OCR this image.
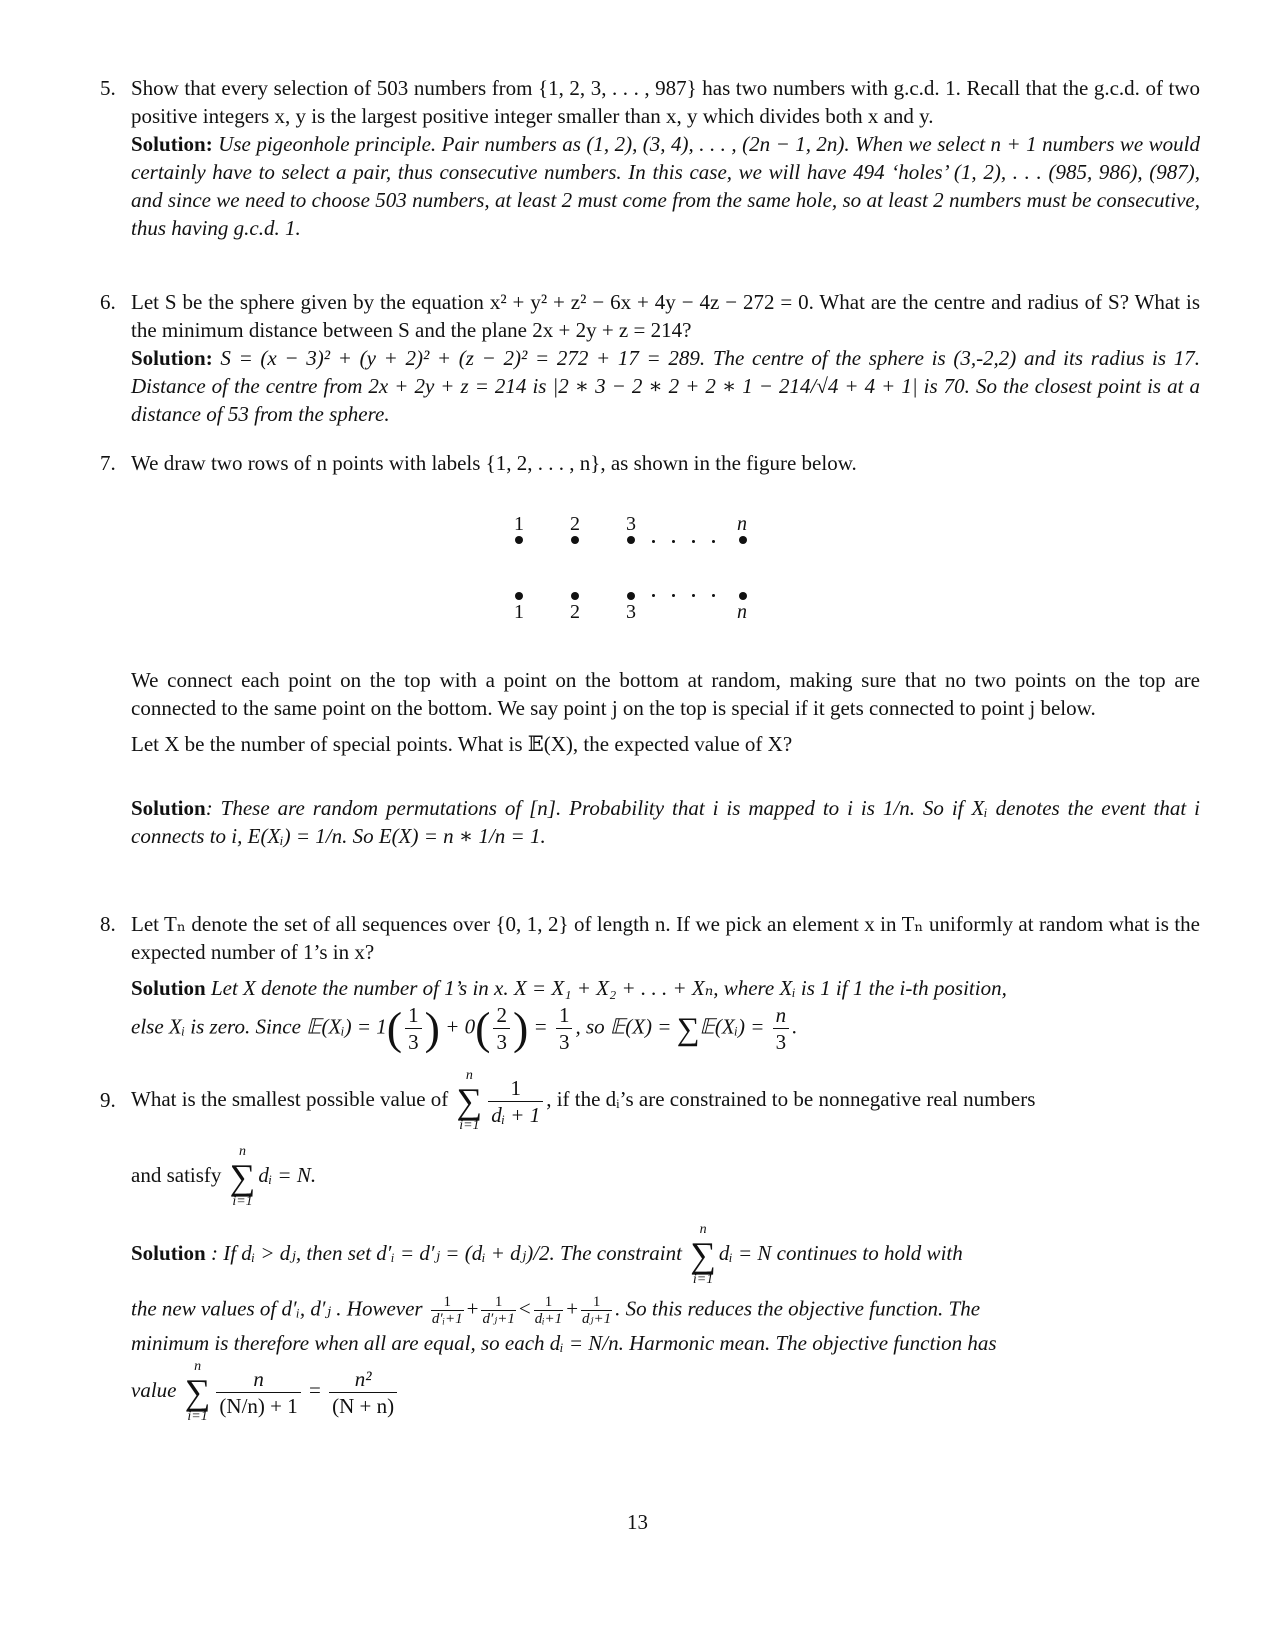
5. Show that every selection of 503 numbers from {1, 2, 3, . . . , 987} has two numbers with g.c.d. 1. Recall that the g.c.d. of two positive integers x, y is the largest positive integer smaller than x, y which divides both x and y.

Solution: Use pigeonhole principle. Pair numbers as (1, 2), (3, 4), . . . , (2n − 1, 2n). When we select n + 1 numbers we would certainly have to select a pair, thus consecutive numbers. In this case, we will have 494 ‘holes’ (1, 2), . . . (985, 986), (987), and since we need to choose 503 numbers, at least 2 must come from the same hole, so at least 2 numbers must be consecutive, thus having g.c.d. 1.

6. Let S be the sphere given by the equation x² + y² + z² − 6x + 4y − 4z − 272 = 0. What are the centre and radius of S? What is the minimum distance between S and the plane 2x + 2y + z = 214?

Solution: S = (x − 3)² + (y + 2)² + (z − 2)² = 272 + 17 = 289. The centre of the sphere is (3,-2,2) and its radius is 17. Distance of the centre from 2x + 2y + z = 214 is |2 ∗ 3 − 2 ∗ 2 + 2 ∗ 1 − 214/√4 + 4 + 1| is 70. So the closest point is at a distance of 53 from the sphere.

7. We draw two rows of n points with labels {1, 2, . . . , n}, as shown in the figure below.

1 2 3	n
1 2 3	n

We connect each point on the top with a point on the bottom at random, making sure that no two points on the top are connected to the same point on the bottom. We say point j on the top is special if it gets connected to point j below.

Let X be the number of special points. What is 𝔼(X), the expected value of X?

Solution: These are random permutations of [n]. Probability that i is mapped to i is 1/n. So if Xᵢ denotes the event that i connects to i, E(Xᵢ) = 1/n. So E(X) = n ∗ 1/n = 1.

8. Let Tₙ denote the set of all sequences over {0, 1, 2} of length n. If we pick an element x in Tₙ uniformly at random what is the expected number of 1’s in x?

Solution Let X denote the number of 1’s in x. X = X₁ + X₂ + . . . + Xₙ, where Xᵢ is 1 if 1 the i-th position,

else Xᵢ is zero. Since 𝔼(Xᵢ) = $1( \frac{1}{3}$ ) + $0( \frac{2}{3}$ ) = $\frac{1}{3}$ , so 𝔼(X) = ∑𝔼(Xᵢ) = $\frac{n}{3}$ .

9. What is the smallest possible value of
n
∑
$i=1 \frac{1}{\text{dᵢ + 1}}$ , if the dᵢ’s are constrained to be nonnegative real numbers

and satisfy
n
∑
i=1
dᵢ = N.

Solution : If dᵢ > dⱼ, then set d′ᵢ = d′ⱼ = (dᵢ + dⱼ)/2. The constraint
n
∑
i=1
dᵢ = N continues to hold with

the new values of d′ᵢ, d′ⱼ . However $\frac{1}{\text{d′ᵢ+1}} + \frac{1}{\text{d′ⱼ+1}} < \frac{1}{\text{dᵢ+1}} + \frac{1}{\text{dⱼ+1}}$ . So this reduces the objective function. The

minimum is therefore when all are equal, so each dᵢ = N/n. Harmonic mean. The objective function has

value
n
∑
$i=1 \frac{n}{(N/n) + 1} = \frac{\text{n²}}{(N + n)}$

13
